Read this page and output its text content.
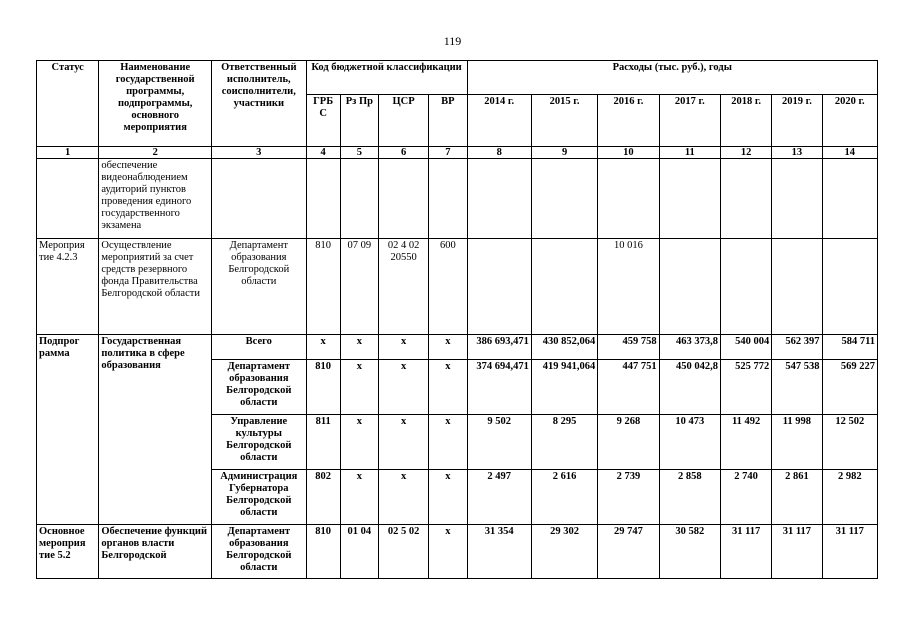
119
Статус	Наименование государственной программы, подпрограммы, основного мероприятия	Ответственный исполнитель, соисполнители, участники	Код бюджетной классификации				Расходы (тыс. руб.), годы						
			ГРБ С	Рз Пр	ЦСР	ВР	2014 г.	2015 г.	2016 г.	2017 г.	2018 г.	2019 г.	2020 г.
1	2	3	4	5	6	7	8	9	10	11	12	13	14
	обеспечение видеонаблюдением аудиторий пунктов проведения единого государственного экзамена												
Мероприя тие 4.2.3	Осуществление мероприятий за счет средств резервного фонда Правительства Белгородской области	Департамент образования Белгородской области	810	07 09	02 4 02 20550	600			10 016				
Подпрог рамма	Государственная политика в сфере образования	Всего	x	x	x	x	386 693,471	430 852,064	459 758	463 373,8	540 004	562 397	584 711
		Департамент образования Белгородской области	810	x	x	x	374 694,471	419 941,064	447 751	450 042,8	525 772	547 538	569 227
		Управление культуры Белгородской области	811	x	x	x	9 502	8 295	9 268	10 473	11 492	11 998	12 502
		Администрация Губернатора Белгородской области	802	x	x	x	2 497	2 616	2 739	2 858	2 740	2 861	2 982
Основное мероприя тие 5.2	Обеспечение функций органов власти Белгородской	Департамент образования Белгородской области	810	01 04	02 5 02	x	31 354	29 302	29 747	30 582	31 117	31 117	31 117
